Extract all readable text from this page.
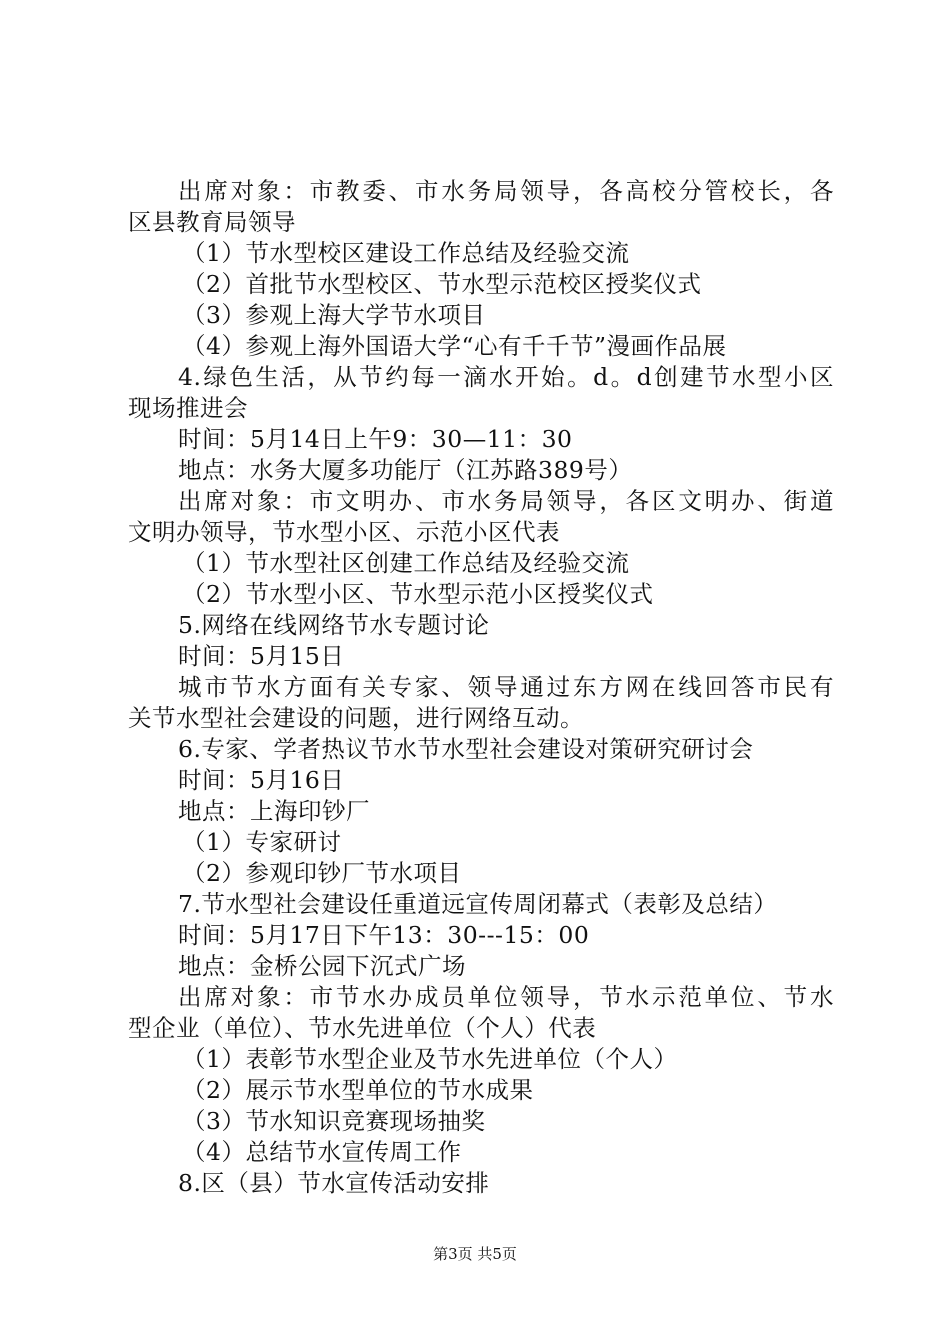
出席对象：市教委、市水务局领导，各高校分管校长，各
区县教育局领导
（1）节水型校区建设工作总结及经验交流
（2）首批节水型校区、节水型示范校区授奖仪式
（3）参观上海大学节水项目
（4）参观上海外国语大学“心有千千节”漫画作品展
4.绿色生活，从节约每一滴水开始。d。d创建节水型小区
现场推进会
时间：5月14日上午9：30—11：30
地点：水务大厦多功能厅（江苏路389号）
出席对象：市文明办、市水务局领导，各区文明办、街道
文明办领导，节水型小区、示范小区代表
（1）节水型社区创建工作总结及经验交流
（2）节水型小区、节水型示范小区授奖仪式
5.网络在线网络节水专题讨论
时间：5月15日
城市节水方面有关专家、领导通过东方网在线回答市民有
关节水型社会建设的问题，进行网络互动。
6.专家、学者热议节水节水型社会建设对策研究研讨会
时间：5月16日
地点：上海印钞厂
（1）专家研讨
（2）参观印钞厂节水项目
7.节水型社会建设任重道远宣传周闭幕式（表彰及总结）
时间：5月17日下午13：30---15：00
地点：金桥公园下沉式广场
出席对象：市节水办成员单位领导，节水示范单位、节水
型企业（单位）、节水先进单位（个人）代表
（1）表彰节水型企业及节水先进单位（个人）
（2）展示节水型单位的节水成果
（3）节水知识竞赛现场抽奖
（4）总结节水宣传周工作
8.区（县）节水宣传活动安排
第3页 共5页
